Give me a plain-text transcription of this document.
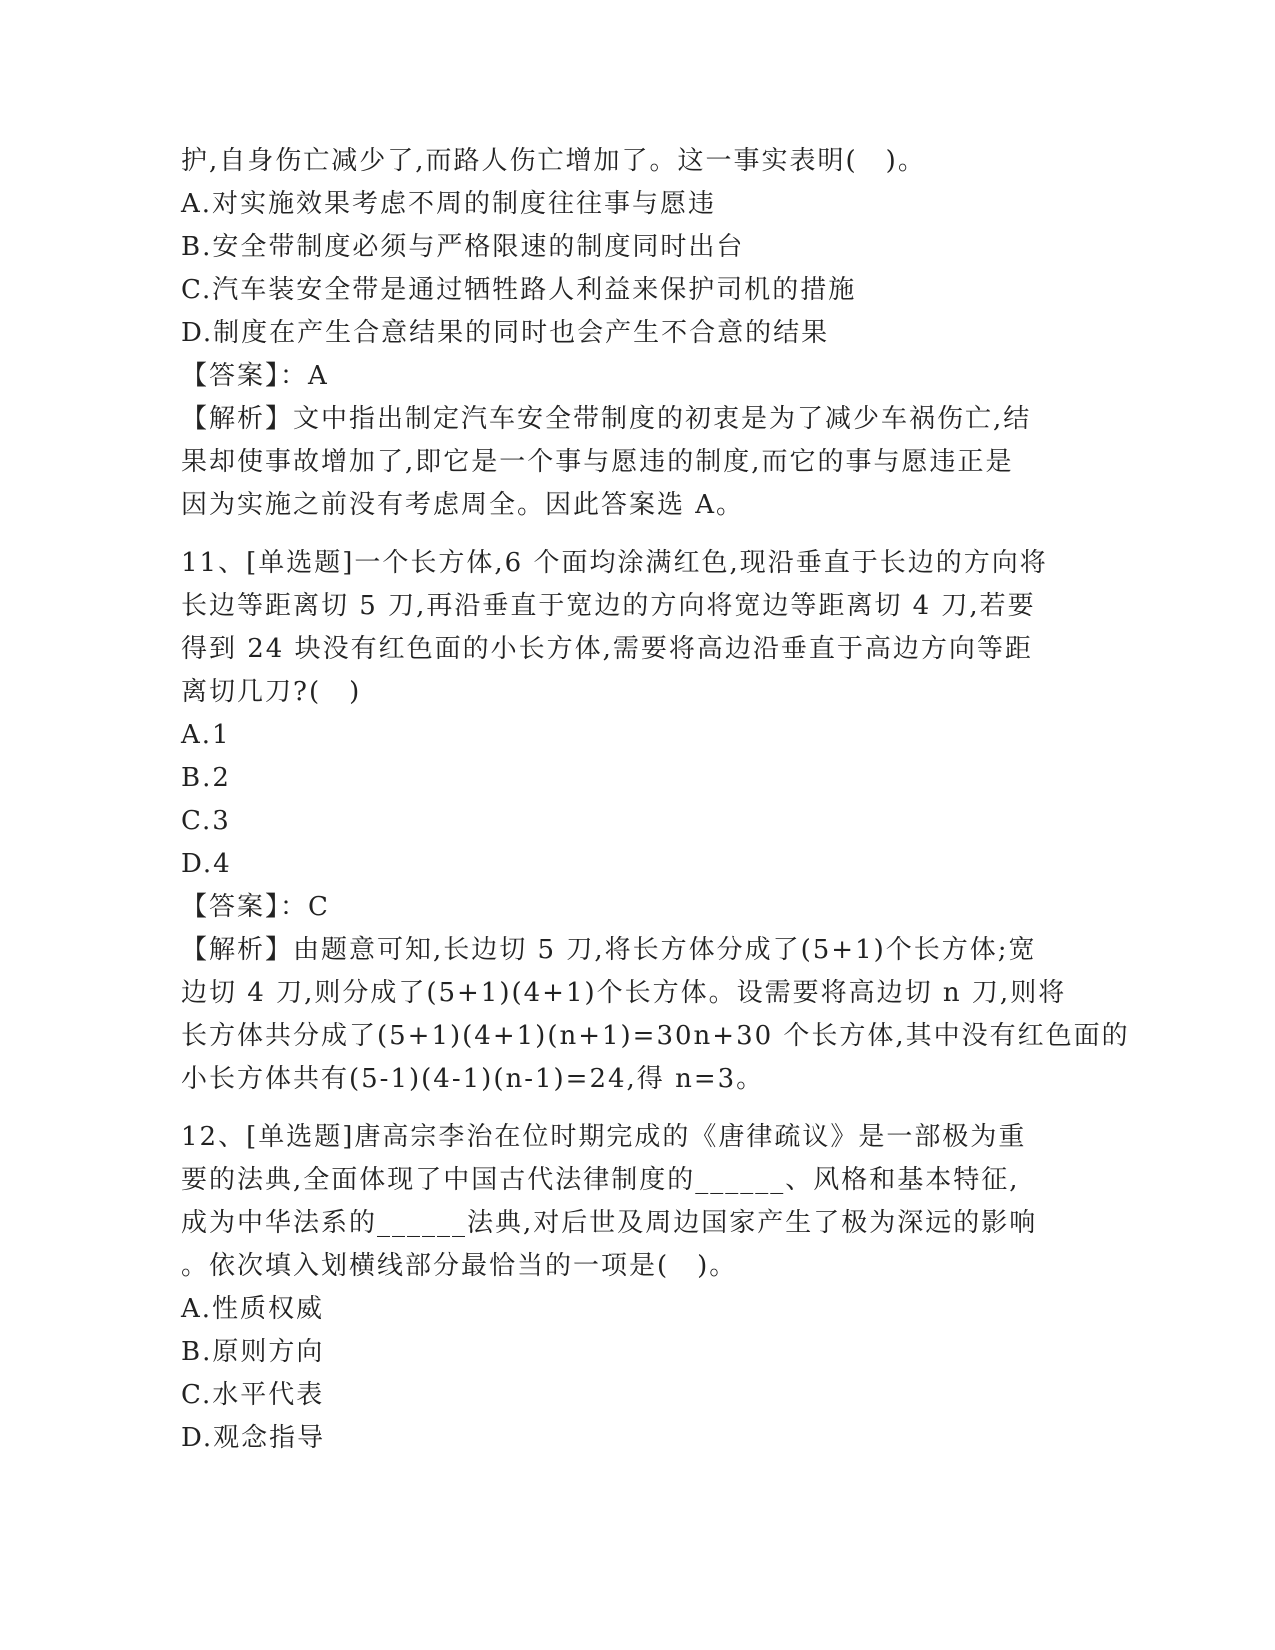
护,自身伤亡减少了,而路人伤亡增加了。这一事实表明(　)。

A.对实施效果考虑不周的制度往往事与愿违

B.安全带制度必须与严格限速的制度同时出台

C.汽车装安全带是通过牺牲路人利益来保护司机的措施

D.制度在产生合意结果的同时也会产生不合意的结果

【答案】：A

【解析】文中指出制定汽车安全带制度的初衷是为了减少车祸伤亡,结

果却使事故增加了,即它是一个事与愿违的制度,而它的事与愿违正是

因为实施之前没有考虑周全。因此答案选 A。

11、[单选题]一个长方体,6 个面均涂满红色,现沿垂直于长边的方向将

长边等距离切 5 刀,再沿垂直于宽边的方向将宽边等距离切 4 刀,若要

得到 24 块没有红色面的小长方体,需要将高边沿垂直于高边方向等距

离切几刀?(　)

A.1

B.2

C.3

D.4

【答案】：C

【解析】由题意可知,长边切 5 刀,将长方体分成了(5+1)个长方体;宽

边切 4 刀,则分成了(5+1)(4+1)个长方体。设需要将高边切 n 刀,则将

长方体共分成了(5+1)(4+1)(n+1)=30n+30 个长方体,其中没有红色面的

小长方体共有(5-1)(4-1)(n-1)=24,得 n=3。

12、[单选题]唐高宗李治在位时期完成的《唐律疏议》是一部极为重

要的法典,全面体现了中国古代法律制度的______、风格和基本特征,

成为中华法系的______法典,对后世及周边国家产生了极为深远的影响

。依次填入划横线部分最恰当的一项是(　)。

A.性质权威

B.原则方向

C.水平代表

D.观念指导
